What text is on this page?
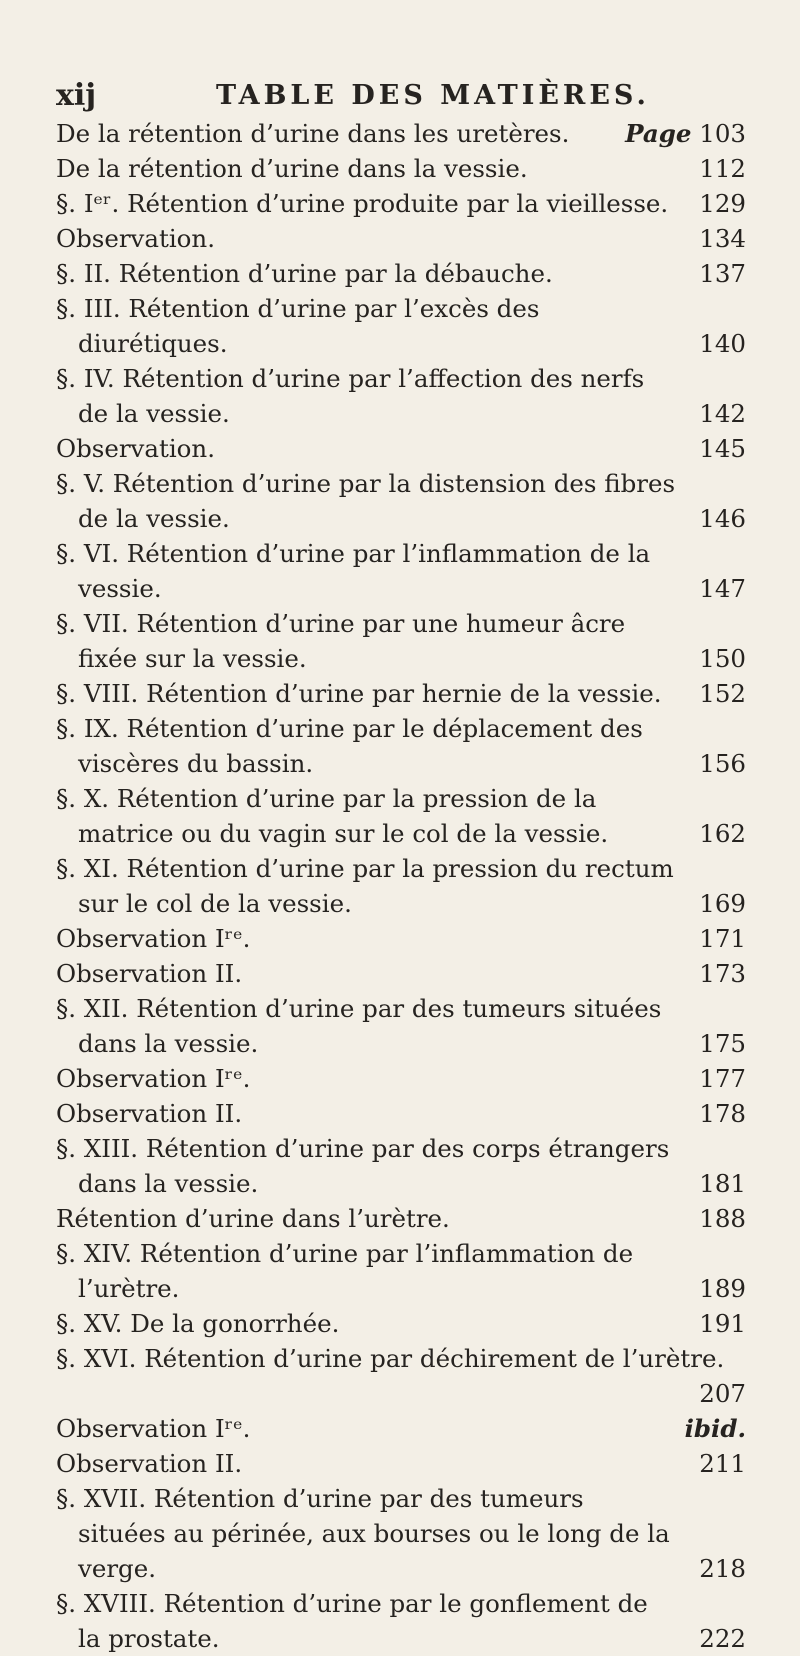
xij	TABLE DES MATIÈRES.
De la rétention d’urine dans les uretères. Page 103
De la rétention d’urine dans la vessie.	112
§. Iᵉʳ. Rétention d’urine produite par la vieillesse. 129
Observation.	134
§. II. Rétention d’urine par la débauche.	137
§. III. Rétention d’urine par l’excès des diurétiques.	140
§. IV. Rétention d’urine par l’affection des nerfs de la vessie.	142
Observation.	145
§. V. Rétention d’urine par la distension des fibres de la vessie.	146
§. VI. Rétention d’urine par l’inflammation de la vessie.	147
§. VII. Rétention d’urine par une humeur âcre fixée sur la vessie.	150
§. VIII. Rétention d’urine par hernie de la vessie. 152
§. IX. Rétention d’urine par le déplacement des viscères du bassin.	156
§. X. Rétention d’urine par la pression de la matrice ou du vagin sur le col de la vessie.	162
§. XI. Rétention d’urine par la pression du rectum sur le col de la vessie.	169
Observation Iʳᵉ.	171
Observation II.	173
§. XII. Rétention d’urine par des tumeurs situées dans la vessie.	175
Observation Iʳᵉ.	177
Observation II.	178
§. XIII. Rétention d’urine par des corps étrangers dans la vessie.	181
Rétention d’urine dans l’urètre.	188
§. XIV. Rétention d’urine par l’inflammation de l’urètre.	189
§. XV. De la gonorrhée.	191
§. XVI. Rétention d’urine par déchirement de l’urètre.
207
Observation Iʳᵉ.	ibid.
Observation II.	211
§. XVII. Rétention d’urine par des tumeurs situées au périnée, aux bourses ou le long de la verge.	218
§. XVIII. Rétention d’urine par le gonflement de la prostate.	222
